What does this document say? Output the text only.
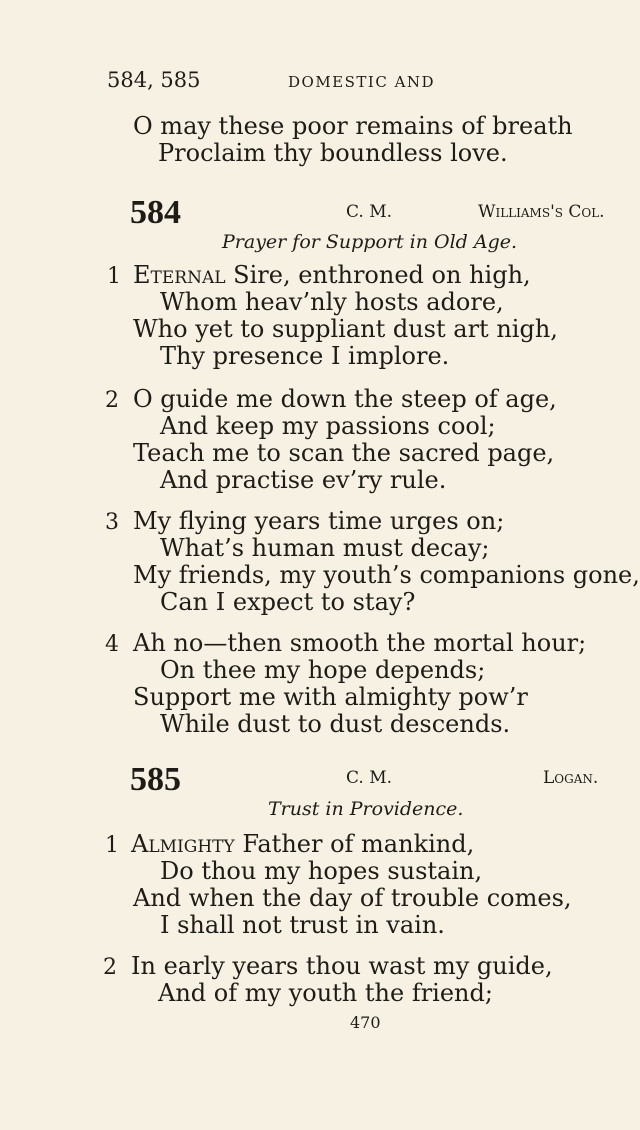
584, 585	DOMESTIC AND
O may these poor remains of breath
Proclaim thy boundless love.
584	C. M.	Williams's Col.
Prayer for Support in Old Age.
1 Eternal Sire, enthroned on high,
Whom heav’nly hosts adore,
Who yet to suppliant dust art nigh,
Thy presence I implore.
2 O guide me down the steep of age,
And keep my passions cool;
Teach me to scan the sacred page,
And practise ev’ry rule.
3 My flying years time urges on;
What’s human must decay;
My friends, my youth’s companions gone,
Can I expect to stay?
4 Ah no—then smooth the mortal hour;
On thee my hope depends;
Support me with almighty pow’r
While dust to dust descends.
585	C. M.	Logan.
Trust in Providence.
1 Almighty Father of mankind,
Do thou my hopes sustain,
And when the day of trouble comes,
I shall not trust in vain.
2 In early years thou wast my guide,
And of my youth the friend;
470
